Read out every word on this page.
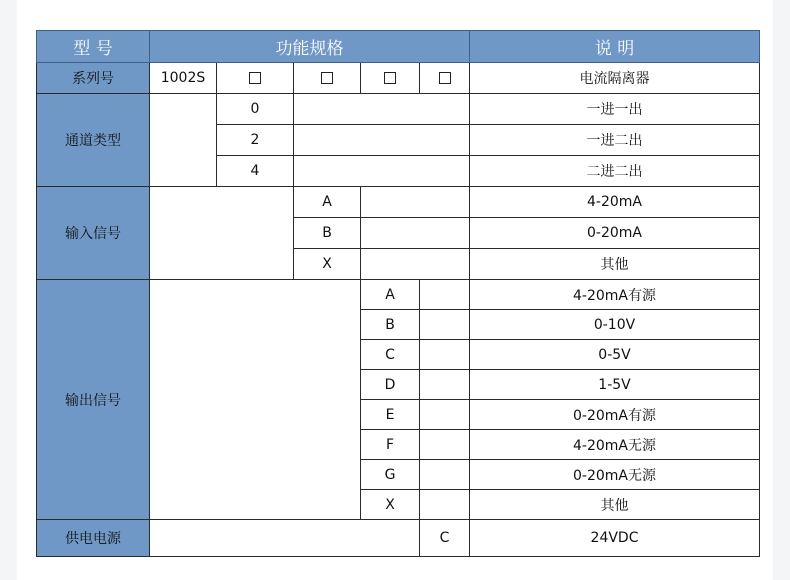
型 号	功能规格					说 明
系列号	1002S					电流隔离器
通道类型		0				一进一出
		2				一进二出
		4				二进二出
输入信号			A			4-20mA
			B			0-20mA
			X			其他
输出信号				A		4-20mA有源
				B		0-10V
				C		0-5V
				D		1-5V
				E		0-20mA有源
				F		4-20mA无源
				G		0-20mA无源
				X		其他
供电电源					C	24VDC
